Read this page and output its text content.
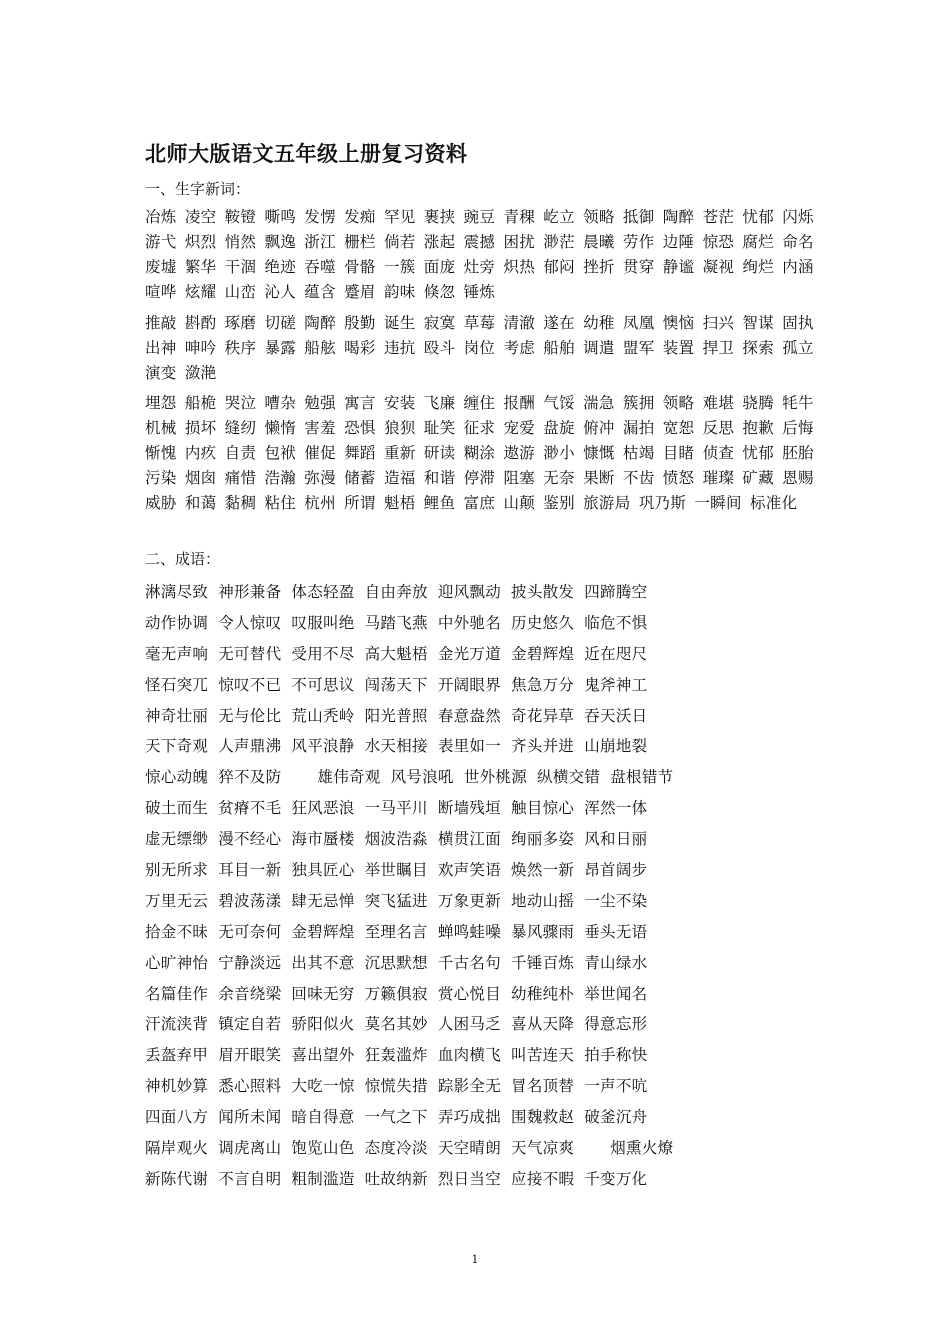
北师大版语文五年级上册复习资料
一、生字新词：
冶炼 凌空 鞍镫 嘶鸣 发愣 发痴 罕见 裹挟 豌豆 青稞 屹立 领略 抵御 陶醉 苍茫 忧郁 闪烁 游弋 炽烈 悄然 飘逸 浙江 栅栏 倘若 涨起 震撼 困扰 渺茫 晨曦 劳作 边陲 惊恐 腐烂 命名 废墟 繁华 干涸 绝迹 吞噬 骨骼 一簇 面庞 灶旁 炽热 郁闷 挫折 贯穿 静谧 凝视 绚烂 内涵 喧哗 炫耀 山峦 沁人 蕴含 蹙眉 韵味 倏忽 锤炼
推敲 斟酌 琢磨 切磋 陶醉 殷勤 诞生 寂寞 草莓 清澈 遂在 幼稚 凤凰 懊恼 扫兴 智谋 固执 出神 呻吟 秩序 暴露 船舷 喝彩 违抗 殴斗 岗位 考虑 船舶 调遣 盟军 装置 捍卫 探索 孤立 演变 潋滟
埋怨 船桅 哭泣 嘈杂 勉强 寓言 安装 飞廉 缠住 报酬 气馁 湍急 簇拥 领略 难堪 骁腾 牦牛 机械 损坏 缝纫 懒惰 害羞 恐惧 狼狈 耻笑 征求 宠爱 盘旋 俯冲 漏拍 宽恕 反思 抱歉 后悔 惭愧 内疚 自责 包袱 催促 舞蹈 重新 研读 糊涂 遨游 渺小 慷慨 枯竭 目睹 侦查 忧郁 胚胎 污染 烟囱 痛惜 浩瀚 弥漫 储蓄 造福 和谐 停滞 阻塞 无奈 果断 不齿 愤怒 璀璨 矿藏 恩赐 威胁 和蔼 黏稠 粘住 杭州 所谓 魁梧 鲤鱼 富庶 山颠 鉴别 旅游局 巩乃斯 一瞬间 标准化
二、成语：
淋漓尽致 神形兼备 体态轻盈 自由奔放 迎风飘动 披头散发 四蹄腾空
动作协调 令人惊叹 叹服叫绝 马踏飞燕 中外驰名 历史悠久 临危不惧
毫无声响 无可替代 受用不尽 高大魁梧 金光万道 金碧辉煌 近在咫尺
怪石突兀 惊叹不已 不可思议 闯荡天下 开阔眼界 焦急万分 鬼斧神工
神奇壮丽 无与伦比 荒山秃岭 阳光普照 春意盎然 奇花异草 吞天沃日
天下奇观 人声鼎沸 风平浪静 水天相接 表里如一 齐头并进 山崩地裂
惊心动魄 猝不及防 雄伟奇观 风号浪吼 世外桃源 纵横交错 盘根错节
破土而生 贫瘠不毛 狂风恶浪 一马平川 断墙残垣 触目惊心 浑然一体
虚无缥缈 漫不经心 海市蜃楼 烟波浩淼 横贯江面 绚丽多姿 风和日丽
别无所求 耳目一新 独具匠心 举世瞩目 欢声笑语 焕然一新 昂首阔步
万里无云 碧波荡漾 肆无忌惮 突飞猛进 万象更新 地动山摇 一尘不染
拾金不昧 无可奈何 金碧辉煌 至理名言 蝉鸣蛙噪 暴风骤雨 垂头无语
心旷神怡 宁静淡远 出其不意 沉思默想 千古名句 千锤百炼 青山绿水
名篇佳作 余音绕梁 回味无穷 万籁俱寂 赏心悦目 幼稚纯朴 举世闻名
汗流浃背 镇定自若 骄阳似火 莫名其妙 人困马乏 喜从天降 得意忘形
丢盔弃甲 眉开眼笑 喜出望外 狂轰滥炸 血肉横飞 叫苦连天 拍手称快
神机妙算 悉心照料 大吃一惊 惊慌失措 踪影全无 冒名顶替 一声不吭
四面八方 闻所未闻 暗自得意 一气之下 弄巧成拙 围魏救赵 破釜沉舟
隔岸观火 调虎离山 饱览山色 态度冷淡 天空晴朗 天气凉爽 烟熏火燎
新陈代谢 不言自明 粗制滥造 吐故纳新 烈日当空 应接不暇 千变万化
1
